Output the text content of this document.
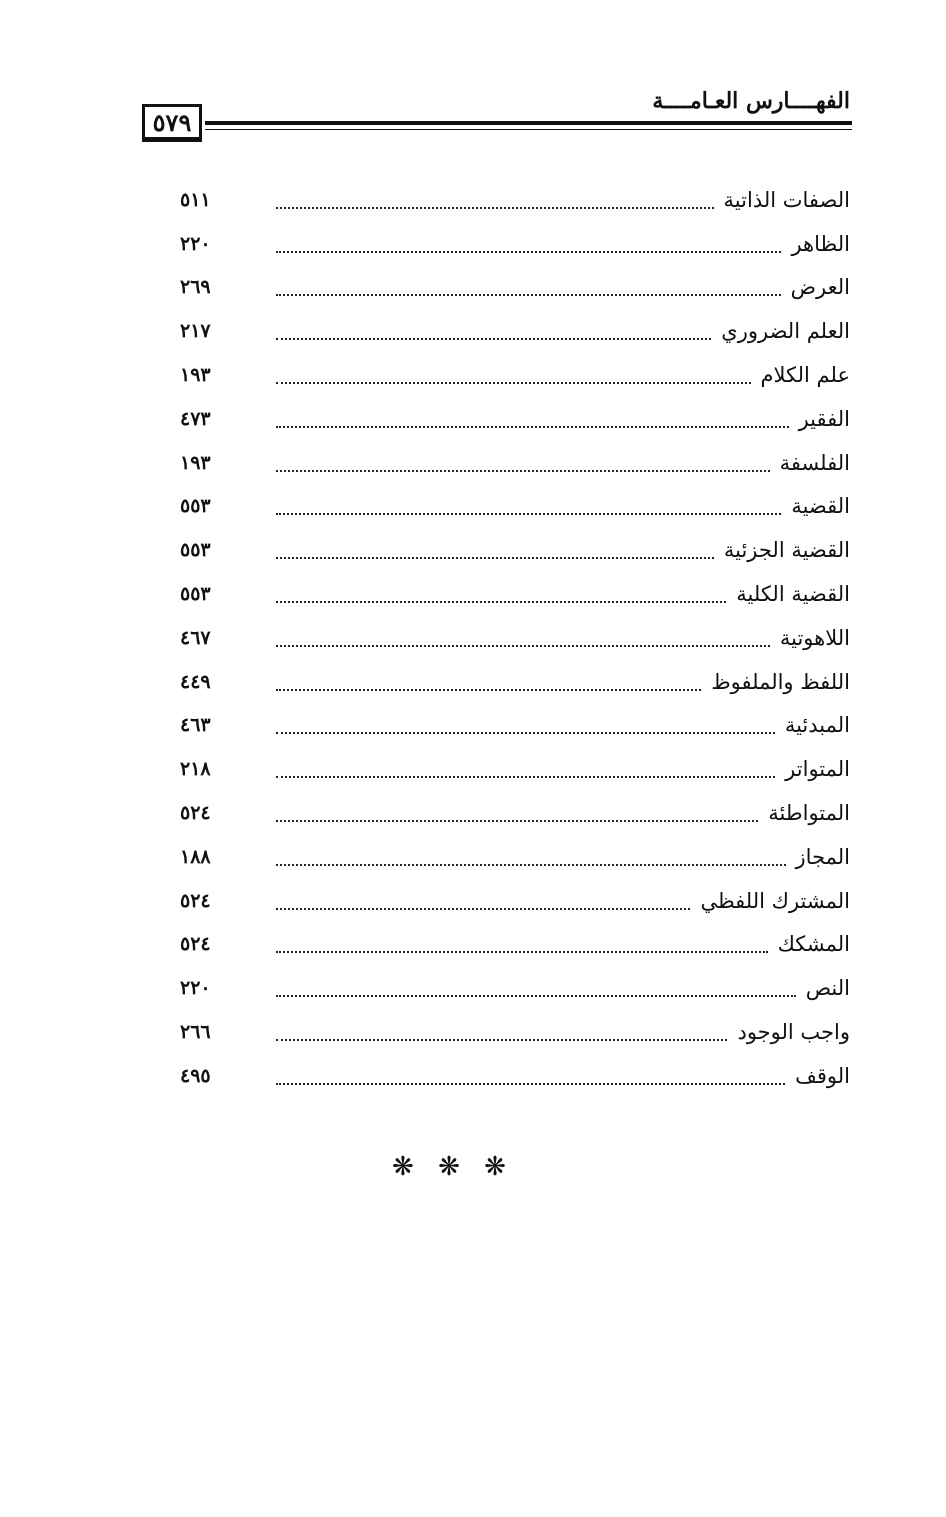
٥٧٩
الفهــــارس العـامــــة
الصفات الذاتية
٥١١
الظاهر
٢٢٠
العرض
٢٦٩
العلم الضروري
٢١٧
علم الكلام
١٩٣
الفقير
٤٧٣
الفلسفة
١٩٣
القضية
٥٥٣
القضية الجزئية
٥٥٣
القضية الكلية
٥٥٣
اللاهوتية
٤٦٧
اللفظ والملفوظ
٤٤٩
المبدئية
٤٦٣
المتواتر
٢١٨
المتواطئة
٥٢٤
المجاز
١٨٨
المشترك اللفظي
٥٢٤
المشكك
٥٢٤
النص
٢٢٠
واجب الوجود
٢٦٦
الوقف
٤٩٥
❋ ❋ ❋
